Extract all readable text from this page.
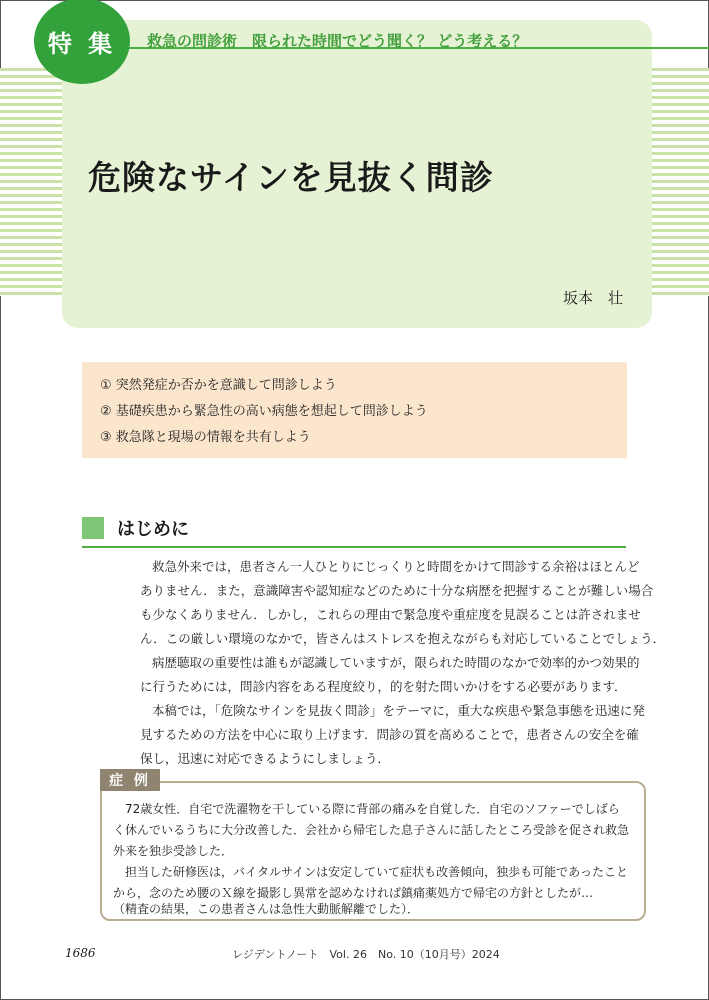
特 集	救急の問診術　限られた時間でどう聞く？ どう考える？
危険なサインを見抜く問診
坂本　壮
① 突然発症か否かを意識して問診しよう
② 基礎疾患から緊急性の高い病態を想起して問診しよう
③ 救急隊と現場の情報を共有しよう
はじめに
救急外来では，患者さん一人ひとりにじっくりと時間をかけて問診する余裕はほとんど
ありません．また，意識障害や認知症などのために十分な病歴を把握することが難しい場合
も少なくありません．しかし，これらの理由で緊急度や重症度を見誤ることは許されませ
ん．この厳しい環境のなかで，皆さんはストレスを抱えながらも対応していることでしょう．
病歴聴取の重要性は誰もが認識していますが，限られた時間のなかで効率的かつ効果的
に行うためには，問診内容をある程度絞り，的を射た問いかけをする必要があります．
本稿では，「危険なサインを見抜く問診」をテーマに，重大な疾患や緊急事態を迅速に発
見するための方法を中心に取り上げます．問診の質を高めることで，患者さんの安全を確
保し，迅速に対応できるようにしましょう．
症 例
72歳女性．自宅で洗濯物を干している際に背部の痛みを自覚した．自宅のソファーでしばら
く休んでいるうちに大分改善した．会社から帰宅した息子さんに話したところ受診を促され救急
外来を独歩受診した．
担当した研修医は，バイタルサインは安定していて症状も改善傾向，独歩も可能であったこと
から，念のため腰のＸ線を撮影し異常を認めなければ鎮痛薬処方で帰宅の方針としたが…
（精査の結果，この患者さんは急性大動脈解離でした）．
1686	レジデントノート　Vol. 26　No. 10（10月号）2024
